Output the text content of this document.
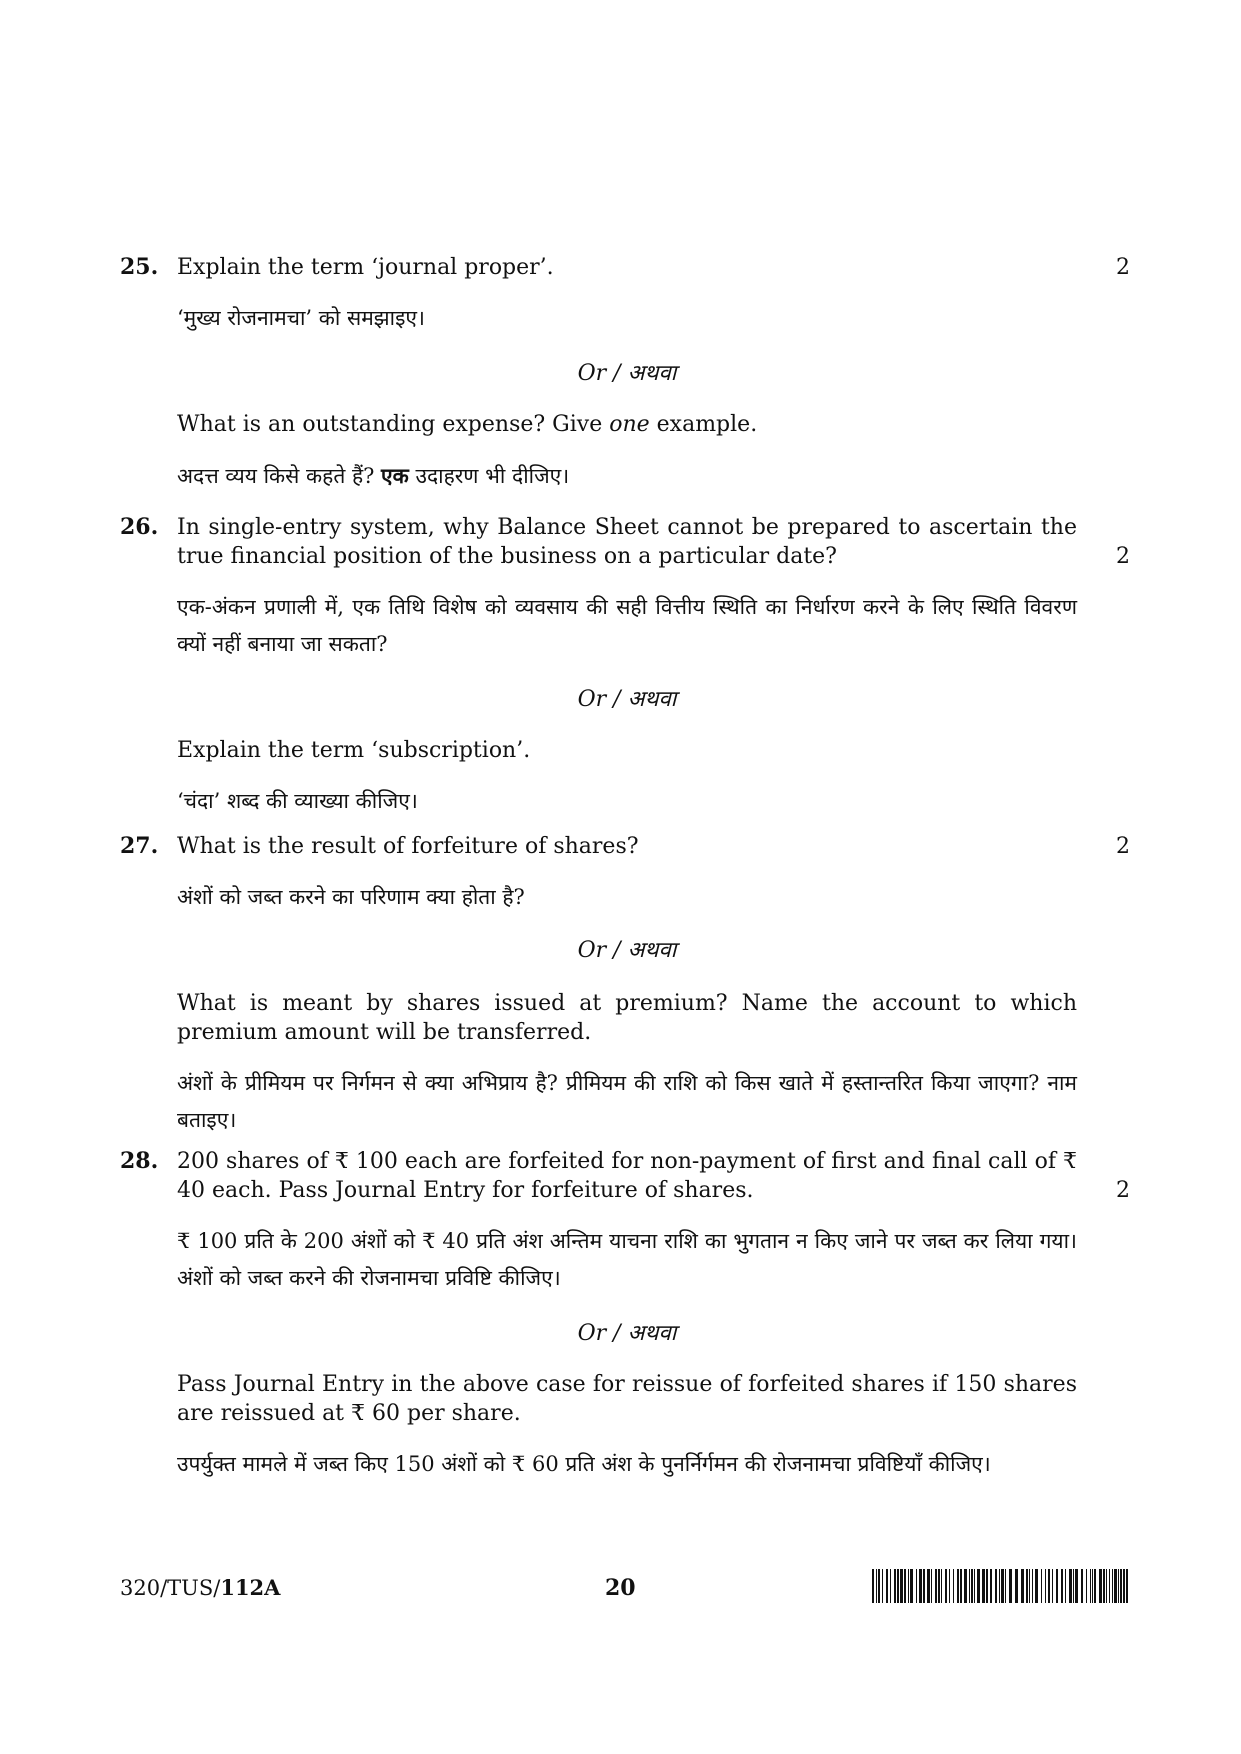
25.	2

Explain the term ‘journal proper’.

‘मुख्य रोजनामचा’ को समझाइए।

Or / अथवा

What is an outstanding expense? Give one example.

अदत्त व्यय किसे कहते हैं? एक उदाहरण भी दीजिए।

26.
2

In single-entry system, why Balance Sheet cannot be prepared to ascertain the true financial position of the business on a particular date?

एक-अंकन प्रणाली में, एक तिथि विशेष को व्यवसाय की सही वित्तीय स्थिति का निर्धारण करने के लिए स्थिति विवरण क्यों नहीं बनाया जा सकता?

Or / अथवा

Explain the term ‘subscription’.

‘चंदा’ शब्द की व्याख्या कीजिए।

27.	2

What is the result of forfeiture of shares?

अंशों को जब्त करने का परिणाम क्या होता है?

Or / अथवा

What is meant by shares issued at premium? Name the account to which premium amount will be transferred.

अंशों के प्रीमियम पर निर्गमन से क्या अभिप्राय है? प्रीमियम की राशि को किस खाते में हस्तान्तरित किया जाएगा? नाम बताइए।

28.
2

200 shares of ₹ 100 each are forfeited for non-payment of first and final call of ₹ 40 each. Pass Journal Entry for forfeiture of shares.

₹ 100 प्रति के 200 अंशों को ₹ 40 प्रति अंश अन्तिम याचना राशि का भुगतान न किए जाने पर जब्त कर लिया गया। अंशों को जब्त करने की रोजनामचा प्रविष्टि कीजिए।

Or / अथवा

Pass Journal Entry in the above case for reissue of forfeited shares if 150 shares are reissued at ₹ 60 per share.

उपर्युक्त मामले में जब्त किए 150 अंशों को ₹ 60 प्रति अंश के पुनर्निर्गमन की रोजनामचा प्रविष्टियाँ कीजिए।

320/TUS/112A	20
